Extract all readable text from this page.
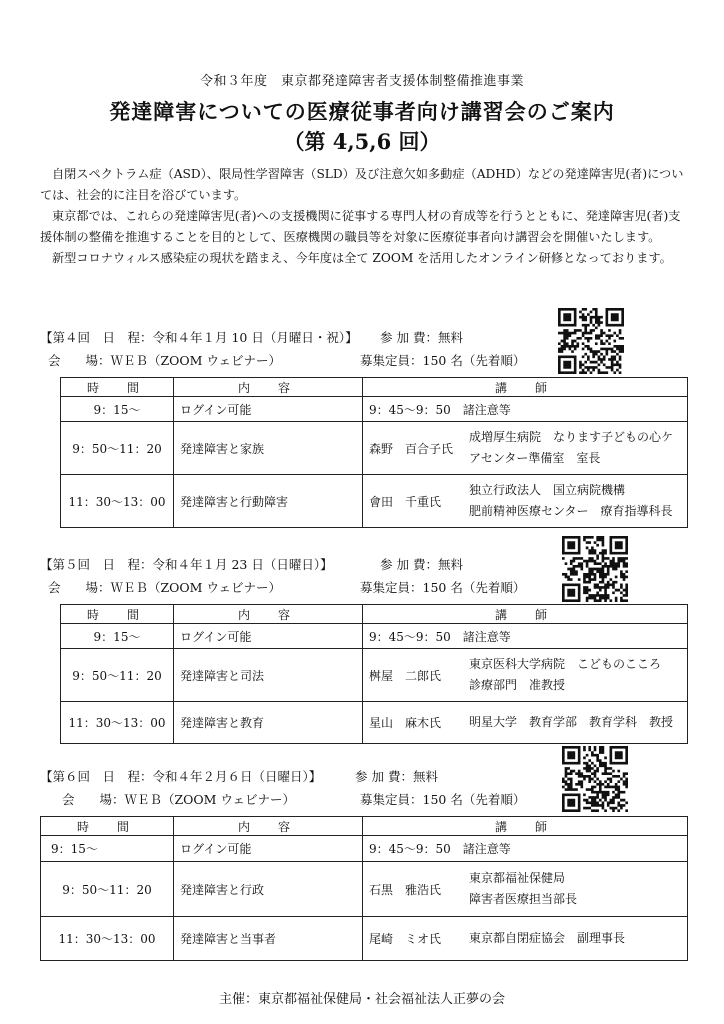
令和３年度　東京都発達障害者支援体制整備推進事業
発達障害についての医療従事者向け講習会のご案内
（第 4,5,6 回）

自閉スペクトラム症（ASD）、限局性学習障害（SLD）及び注意欠如多動症（ADHD）などの発達障害児(者)については、社会的に注目を浴びています。

東京都では、これらの発達障害児(者)への支援機関に従事する専門人材の育成等を行うとともに、発達障害児(者)支援体制の整備を推進することを目的として、医療機関の職員等を対象に医療従事者向け講習会を開催いたします。

新型コロナウィルス感染症の現状を踏まえ、今年度は全て ZOOM を活用したオンライン研修となっております。

【第４回　日　程：令和４年１月 10 日（月曜日・祝）】 参 加 費：無料
会　　場：ＷＥＢ（ZOOM ウェビナー）	募集定員：150 名（先着順）
時　間	内　容	講　師
9：15～	ログイン可能	9：45～9：50　諸注意等
9：50～11：20	発達障害と家族	森野　百合子氏
成増厚生病院　なります子どもの心ケ
アセンター準備室　室長

11：30～13：00	発達障害と行動障害	會田　千重氏
独立行政法人　国立病院機構
肥前精神医療センター　療育指導科長
【第５回　日　程：令和４年１月 23 日（日曜日）】	参 加 費：無料
会　　場：ＷＥＢ（ZOOM ウェビナー）	募集定員：150 名（先着順）
時　間	内　容	講　師
9：15～	ログイン可能	9：45～9：50　諸注意等
9：50～11：20	発達障害と司法	桝屋　二郎氏
東京医科大学病院　こどものこころ
診療部門　准教授

11：30～13：00	発達障害と教育	星山　麻木氏 明星大学　教育学部　教育学科　教授
【第６回　日　程：令和４年２月６日（日曜日）】	参 加 費：無料
会　　場：ＷＥＢ（ZOOM ウェビナー）	募集定員：150 名（先着順）
時　間	内　容	講　師
9：15～	ログイン可能	9：45～9：50　諸注意等
9：50～11：20	発達障害と行政	石黒　雅浩氏
東京都福祉保健局
障害者医療担当部長

11：30～13：00	発達障害と当事者	尾崎　ミオ氏 東京都自閉症協会　副理事長
主催：東京都福祉保健局・社会福祉法人正夢の会
